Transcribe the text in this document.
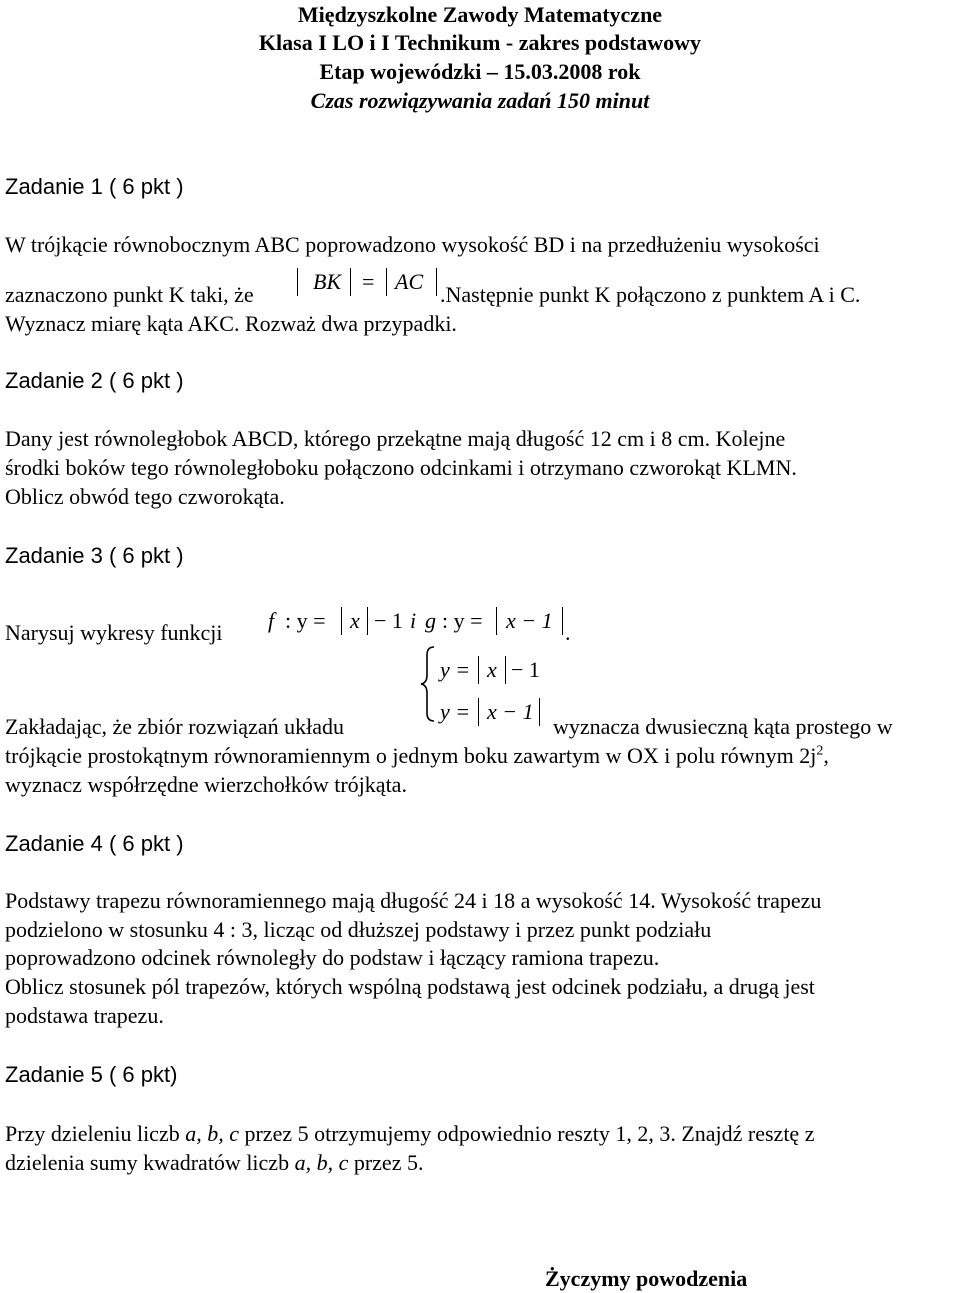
Międzyszkolne Zawody Matematyczne
Klasa I LO i I Technikum - zakres podstawowy
Etap wojewódzki – 15.03.2008 rok
Czas rozwiązywania zadań 150 minut
Zadanie 1 ( 6 pkt )
W trójkącie równobocznym ABC poprowadzono wysokość BD i na przedłużeniu wysokości
zaznaczono punkt K taki, że
BK = AC
.Następnie punkt K połączono z punktem A i C.
Wyznacz miarę kąta AKC. Rozważ dwa przypadki.
Zadanie 2 ( 6 pkt )
Dany jest równoległobok ABCD, którego przekątne mają długość 12 cm i 8 cm. Kolejne
środki boków tego równoległoboku połączono odcinkami i otrzymano czworokąt KLMN.
Oblicz obwód tego czworokąta.
Zadanie 3 ( 6 pkt )
Narysuj wykresy funkcji f : y = x − 1 i g : y = x − 1 .
y = x − 1
y = x − 1
Zakładając, że zbiór rozwiązań układu	wyznacza dwusieczną kąta prostego w
trójkącie prostokątnym równoramiennym o jednym boku zawartym w OX i polu równym $2j^2$,
wyznacz współrzędne wierzchołków trójkąta.
Zadanie 4 ( 6 pkt )
Podstawy trapezu równoramiennego mają długość 24 i 18 a wysokość 14. Wysokość trapezu
podzielono w stosunku 4 : 3, licząc od dłuższej podstawy i przez punkt podziału
poprowadzono odcinek równoległy do podstaw i łączący ramiona trapezu.
Oblicz stosunek pól trapezów, których wspólną podstawą jest odcinek podziału, a drugą jest
podstawa trapezu.
Zadanie 5 ( 6 pkt)
Przy dzieleniu liczb a, b, c przez 5 otrzymujemy odpowiednio reszty 1, 2, 3. Znajdź resztę z
dzielenia sumy kwadratów liczb a, b, c przez 5.
Życzymy powodzenia
